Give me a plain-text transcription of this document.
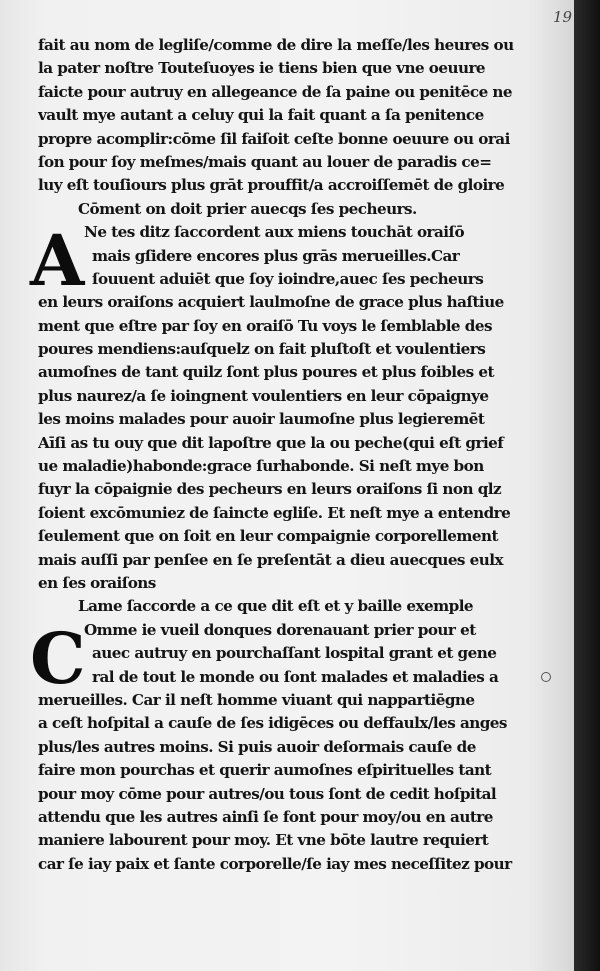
19
A
C
fait au nom de legliſe/comme de dire la meſſe/les heures ou
la pater noſtre Touteſuoyes ie tiens bien que vne oeuure
faicte pour autruy en allegeance de ſa paine ou penitēce ne
vault mye autant a celuy qui la fait quant a ſa penitence
propre acomplir:cōme ſil faiſoit ceſte bonne oeuure ou orai
ſon pour ſoy meſmes/mais quant au louer de paradis ce=
luy eſt touſiours plus grāt prouffit/a accroiſſemēt de gloire
Cōment on doit prier auecqs ſes pecheurs.
Ne tes ditz ſaccordent aux miens touchāt oraiſō
mais gſidere encores plus grās merueilles.Car
ſouuent aduiēt que ſoy ioindre,auec ſes pecheurs
en leurs oraiſons acquiert laulmoſne de grace plus haſtiue
ment que eſtre par ſoy en oraiſō Tu voys le ſemblable des
poures mendiens:auſquelz on fait pluſtoſt et voulentiers
aumoſnes de tant quilz ſont plus poures et plus foibles et
plus naurez/a ſe ioingnent voulentiers en leur cōpaignye
les moins malades pour auoir laumoſne plus legieremēt
Aīſi as tu ouy que dit lapoſtre que la ou peche(qui eſt grief
ue maladie)habonde:grace ſurhabonde. Si neſt mye bon
fuyr la cōpaignie des pecheurs en leurs oraiſons ſi non qlz
ſoient excōmuniez de ſaincte egliſe. Et neſt mye a entendre
ſeulement que on ſoit en leur compaignie corporellement
mais auſſi par penſee en ſe preſentāt a dieu auecques eulx
en ſes oraiſons
Lame ſaccorde a ce que dit eſt et y baille exemple
Omme ie vueil donques dorenauant prier pour et
auec autruy en pourchaſſant lospital grant et gene
ral de tout le monde ou ſont malades et maladies a
merueilles. Car il neſt homme viuant qui nappartiēgne
a ceſt hoſpital a cauſe de ſes idigēces ou deffaulx/les anges
plus/les autres moins. Si puis auoir deſormais cauſe de
faire mon pourchas et querir aumoſnes eſpirituelles tant
pour moy cōme pour autres/ou tous ſont de cedit hoſpital
attendu que les autres ainſi ſe font pour moy/ou en autre
maniere labourent pour moy. Et vne bōte lautre requiert
car ſe iay paix et ſante corporelle/ſe iay mes neceſſitez pour
